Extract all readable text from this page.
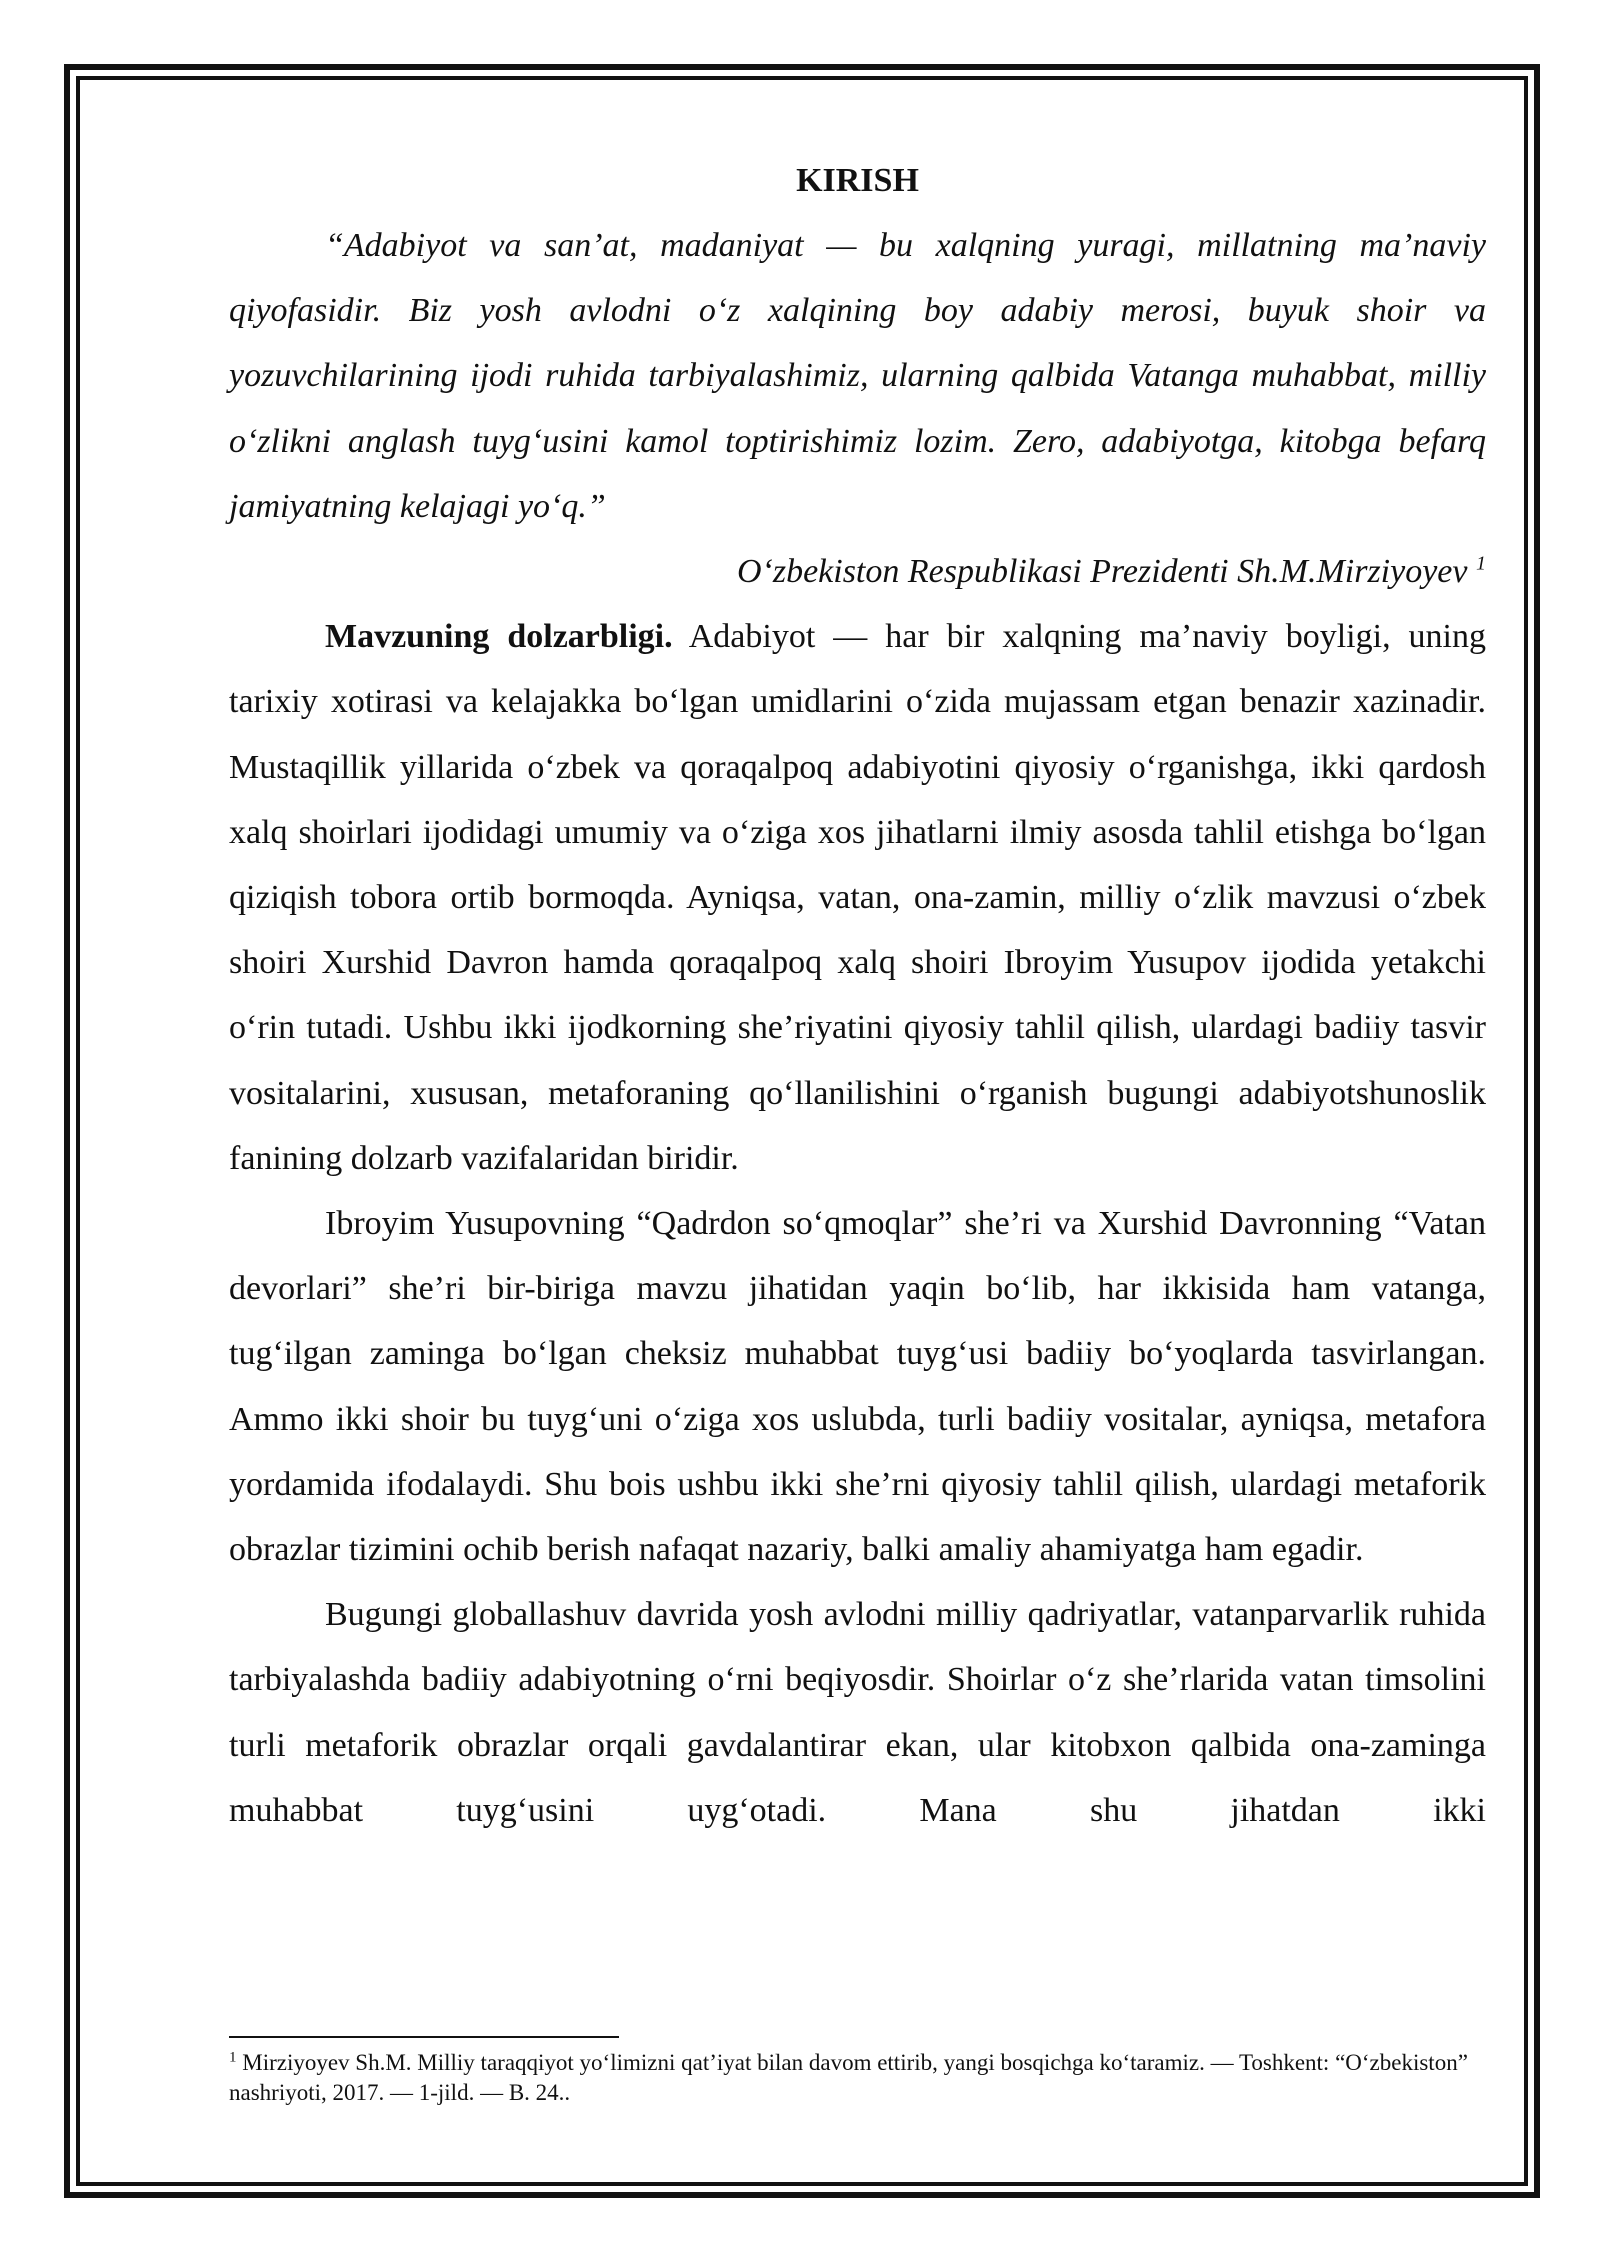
KIRISH

“Adabiyot va san’at, madaniyat — bu xalqning yuragi, millatning ma’naviy qiyofasidir. Biz yosh avlodni o‘z xalqining boy adabiy merosi, buyuk shoir va yozuvchilarining ijodi ruhida tarbiyalashimiz, ularning qalbida Vatanga muhabbat, milliy o‘zlikni anglash tuyg‘usini kamol toptirishimiz lozim. Zero, adabiyotga, kitobga befarq jamiyatning kelajagi yo‘q.”

O‘zbekiston Respublikasi Prezidenti Sh.M.Mirziyoyev $^1$

Mavzuning dolzarbligi. Adabiyot — har bir xalqning ma’naviy boyligi, uning tarixiy xotirasi va kelajakka bo‘lgan umidlarini o‘zida mujassam etgan benazir xazinadir. Mustaqillik yillarida o‘zbek va qoraqalpoq adabiyotini qiyosiy o‘rganishga, ikki qardosh xalq shoirlari ijodidagi umumiy va o‘ziga xos jihatlarni ilmiy asosda tahlil etishga bo‘lgan qiziqish tobora ortib bormoqda. Ayniqsa, vatan, ona-zamin, milliy o‘zlik mavzusi o‘zbek shoiri Xurshid Davron hamda qoraqalpoq xalq shoiri Ibroyim Yusupov ijodida yetakchi o‘rin tutadi. Ushbu ikki ijodkorning she’riyatini qiyosiy tahlil qilish, ulardagi badiiy tasvir vositalarini, xususan, metaforaning qo‘llanilishini o‘rganish bugungi adabiyotshunoslik fanining dolzarb vazifalaridan biridir.

Ibroyim Yusupovning “Qadrdon so‘qmoqlar” she’ri va Xurshid Davronning “Vatan devorlari” she’ri bir-biriga mavzu jihatidan yaqin bo‘lib, har ikkisida ham vatanga, tug‘ilgan zaminga bo‘lgan cheksiz muhabbat tuyg‘usi badiiy bo‘yoqlarda tasvirlangan. Ammo ikki shoir bu tuyg‘uni o‘ziga xos uslubda, turli badiiy vositalar, ayniqsa, metafora yordamida ifodalaydi. Shu bois ushbu ikki she’rni qiyosiy tahlil qilish, ulardagi metaforik obrazlar tizimini ochib berish nafaqat nazariy, balki amaliy ahamiyatga ham egadir.

Bugungi globallashuv davrida yosh avlodni milliy qadriyatlar, vatanparvarlik ruhida tarbiyalashda badiiy adabiyotning o‘rni beqiyosdir. Shoirlar o‘z she’rlarida vatan timsolini turli metaforik obrazlar orqali gavdalantirar ekan, ular kitobxon qalbida ona-zaminga muhabbat tuyg‘usini uyg‘otadi. Mana shu jihatdan ikki

$^1$ Mirziyoyev Sh.M. Milliy taraqqiyot yo‘limizni qat’iyat bilan davom ettirib, yangi bosqichga ko‘taramiz. — Toshkent: “O‘zbekiston” nashriyoti, 2017. — 1-jild. — B. 24..
